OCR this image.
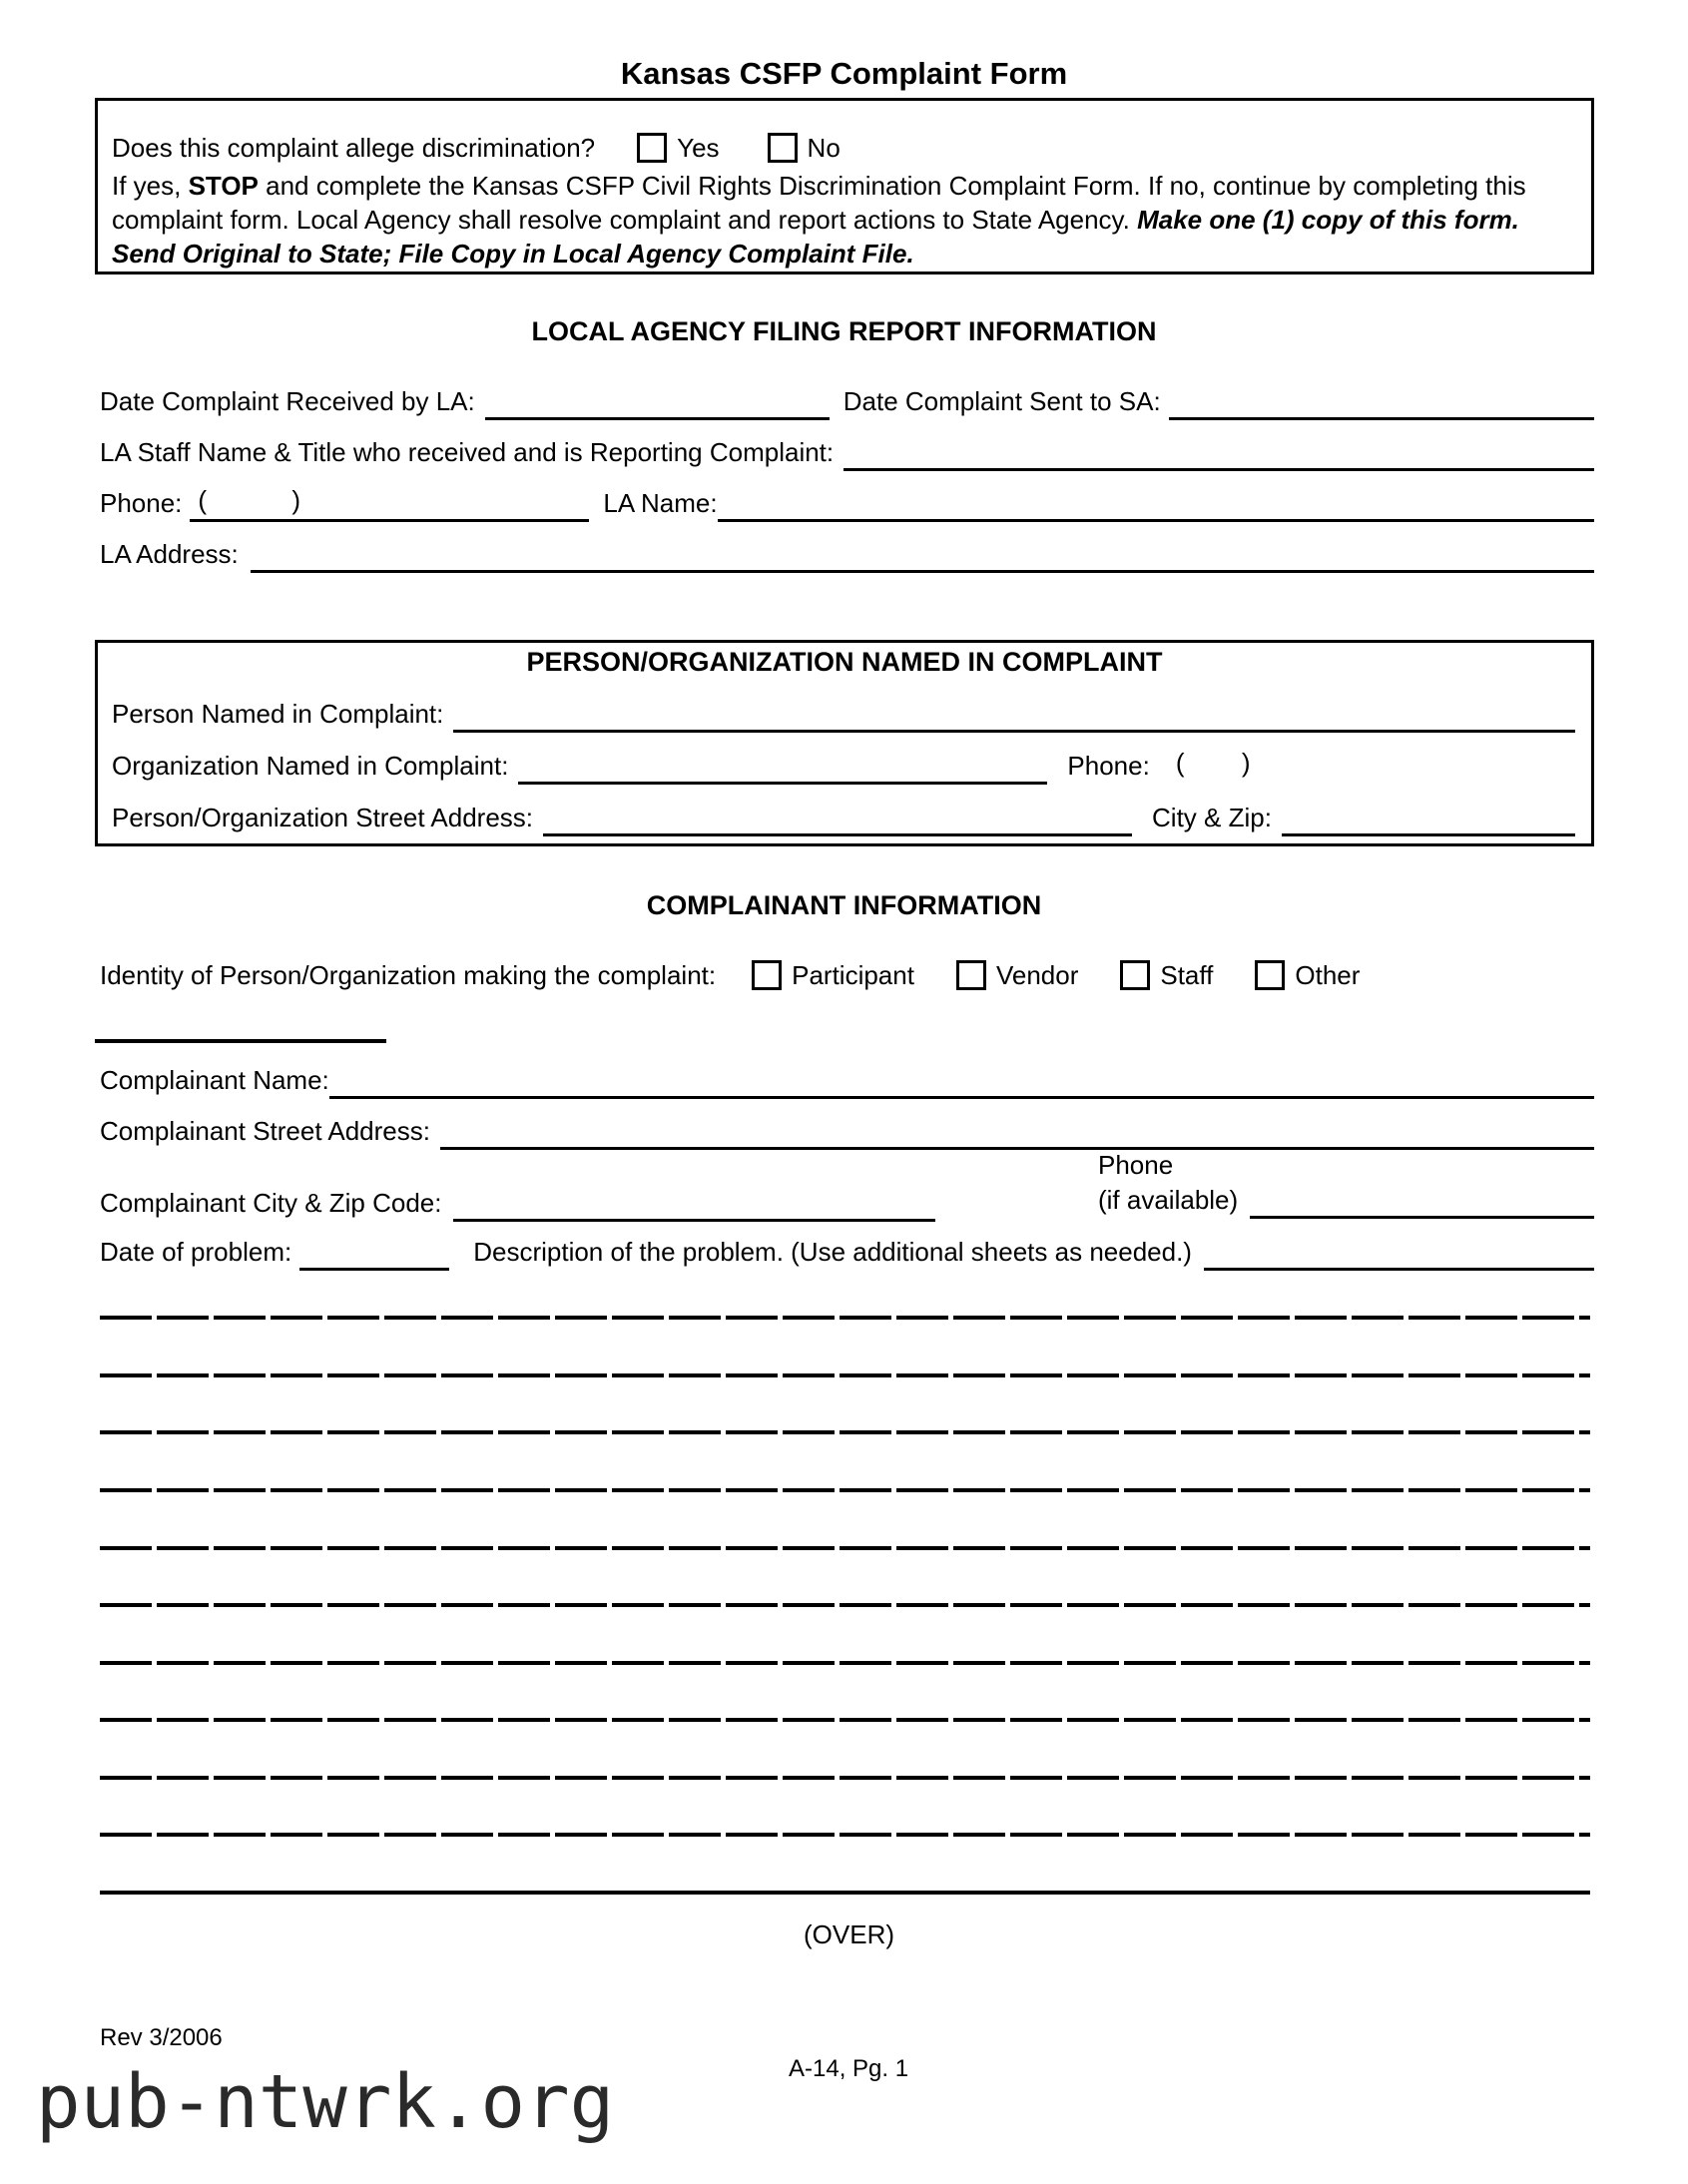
Kansas CSFP Complaint Form
Does this complaint allege discrimination?	Yes	No
If yes, STOP and complete the Kansas CSFP Civil Rights Discrimination Complaint Form. If no, continue by completing this complaint form. Local Agency shall resolve complaint and report actions to State Agency. Make one (1) copy of this form. Send Original to State; File Copy in Local Agency Complaint File.
LOCAL AGENCY FILING REPORT INFORMATION
Date Complaint Received by LA:	Date Complaint Sent to SA:
LA Staff Name & Title who received and is Reporting Complaint:
Phone: (	)	LA Name:
LA Address:
PERSON/ORGANIZATION NAMED IN COMPLAINT
Person Named in Complaint:
Organization Named in Complaint:	Phone: ( )
Person/Organization Street Address:	City & Zip:
COMPLAINANT INFORMATION
Identity of Person/Organization making the complaint:	Participant	Vendor	Staff	Other
Complainant Name:
Complainant Street Address:
Phone
(if available)
Complainant City & Zip Code:
Date of problem:	Description of the problem. (Use additional sheets as needed.)
(OVER)
Rev 3/2006
A-14, Pg. 1
pub-ntwrk.org
